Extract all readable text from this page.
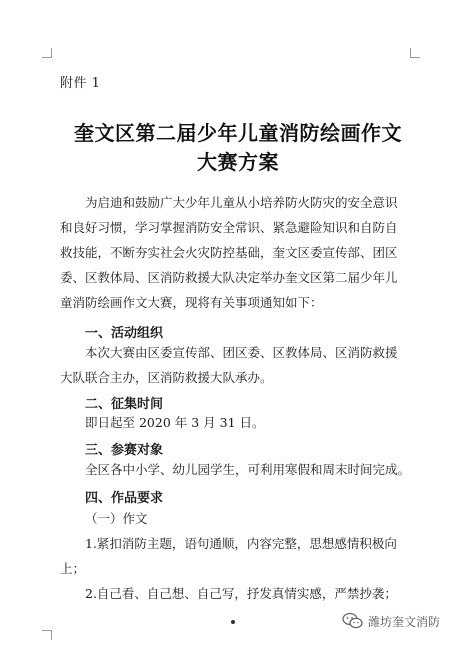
附件 1
奎文区第二届少年儿童消防绘画作文
大赛方案

为启迪和鼓励广大少年儿童从小培养防火防灾的安全意识
和良好习惯，学习掌握消防安全常识、紧急避险知识和自防自
救技能，不断夯实社会火灾防控基础，奎文区委宣传部、团区
委、区教体局、区消防救援大队决定举办奎文区第二届少年儿
童消防绘画作文大赛，现将有关事项通知如下：

一、活动组织

本次大赛由区委宣传部、团区委、区教体局、区消防救援
大队联合主办，区消防救援大队承办。

二、征集时间

即日起至 2020 年 3 月 31 日。

三、参赛对象

全区各中小学、幼儿园学生，可利用寒假和周末时间完成。

四、作品要求

（一）作文
1.紧扣消防主题，语句通顺，内容完整，思想感情积极向
上；
2.自己看、自己想、自己写，抒发真情实感，严禁抄袭；

潍坊奎文消防
